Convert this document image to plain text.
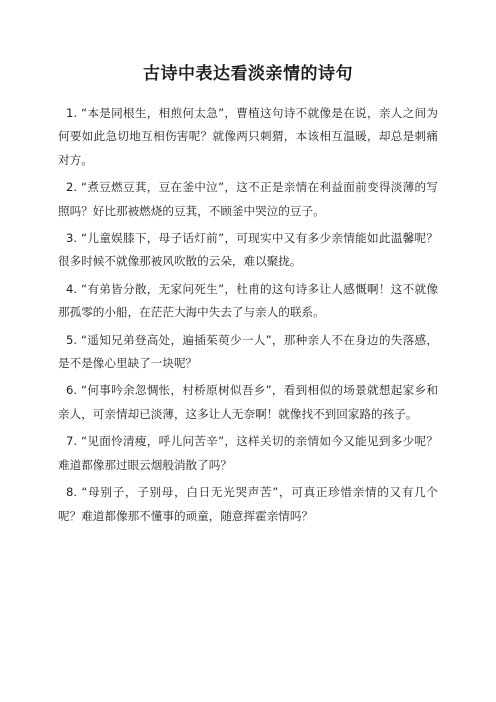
古诗中表达看淡亲情的诗句

1. “本是同根生，相煎何太急”，曹植这句诗不就像是在说，亲人之间为何要如此急切地互相伤害呢？就像两只刺猬，本该相互温暖，却总是刺痛对方。

2. “煮豆燃豆萁，豆在釜中泣”，这不正是亲情在利益面前变得淡薄的写照吗？好比那被燃烧的豆萁，不顾釜中哭泣的豆子。

3. “儿童娱膝下，母子话灯前”，可现实中又有多少亲情能如此温馨呢？很多时候不就像那被风吹散的云朵，难以聚拢。

4. “有弟皆分散，无家问死生”，杜甫的这句诗多让人感慨啊！这不就像那孤零的小船，在茫茫大海中失去了与亲人的联系。

5. “遥知兄弟登高处，遍插茱萸少一人”，那种亲人不在身边的失落感，是不是像心里缺了一块呢？

6. “何事吟余忽惆怅，村桥原树似吾乡”，看到相似的场景就想起家乡和亲人，可亲情却已淡薄，这多让人无奈啊！就像找不到回家路的孩子。

7. “见面怜清瘦，呼儿问苦辛”，这样关切的亲情如今又能见到多少呢？难道都像那过眼云烟般消散了吗？

8. “母别子，子别母，白日无光哭声苦”，可真正珍惜亲情的又有几个呢？难道都像那不懂事的顽童，随意挥霍亲情吗？
